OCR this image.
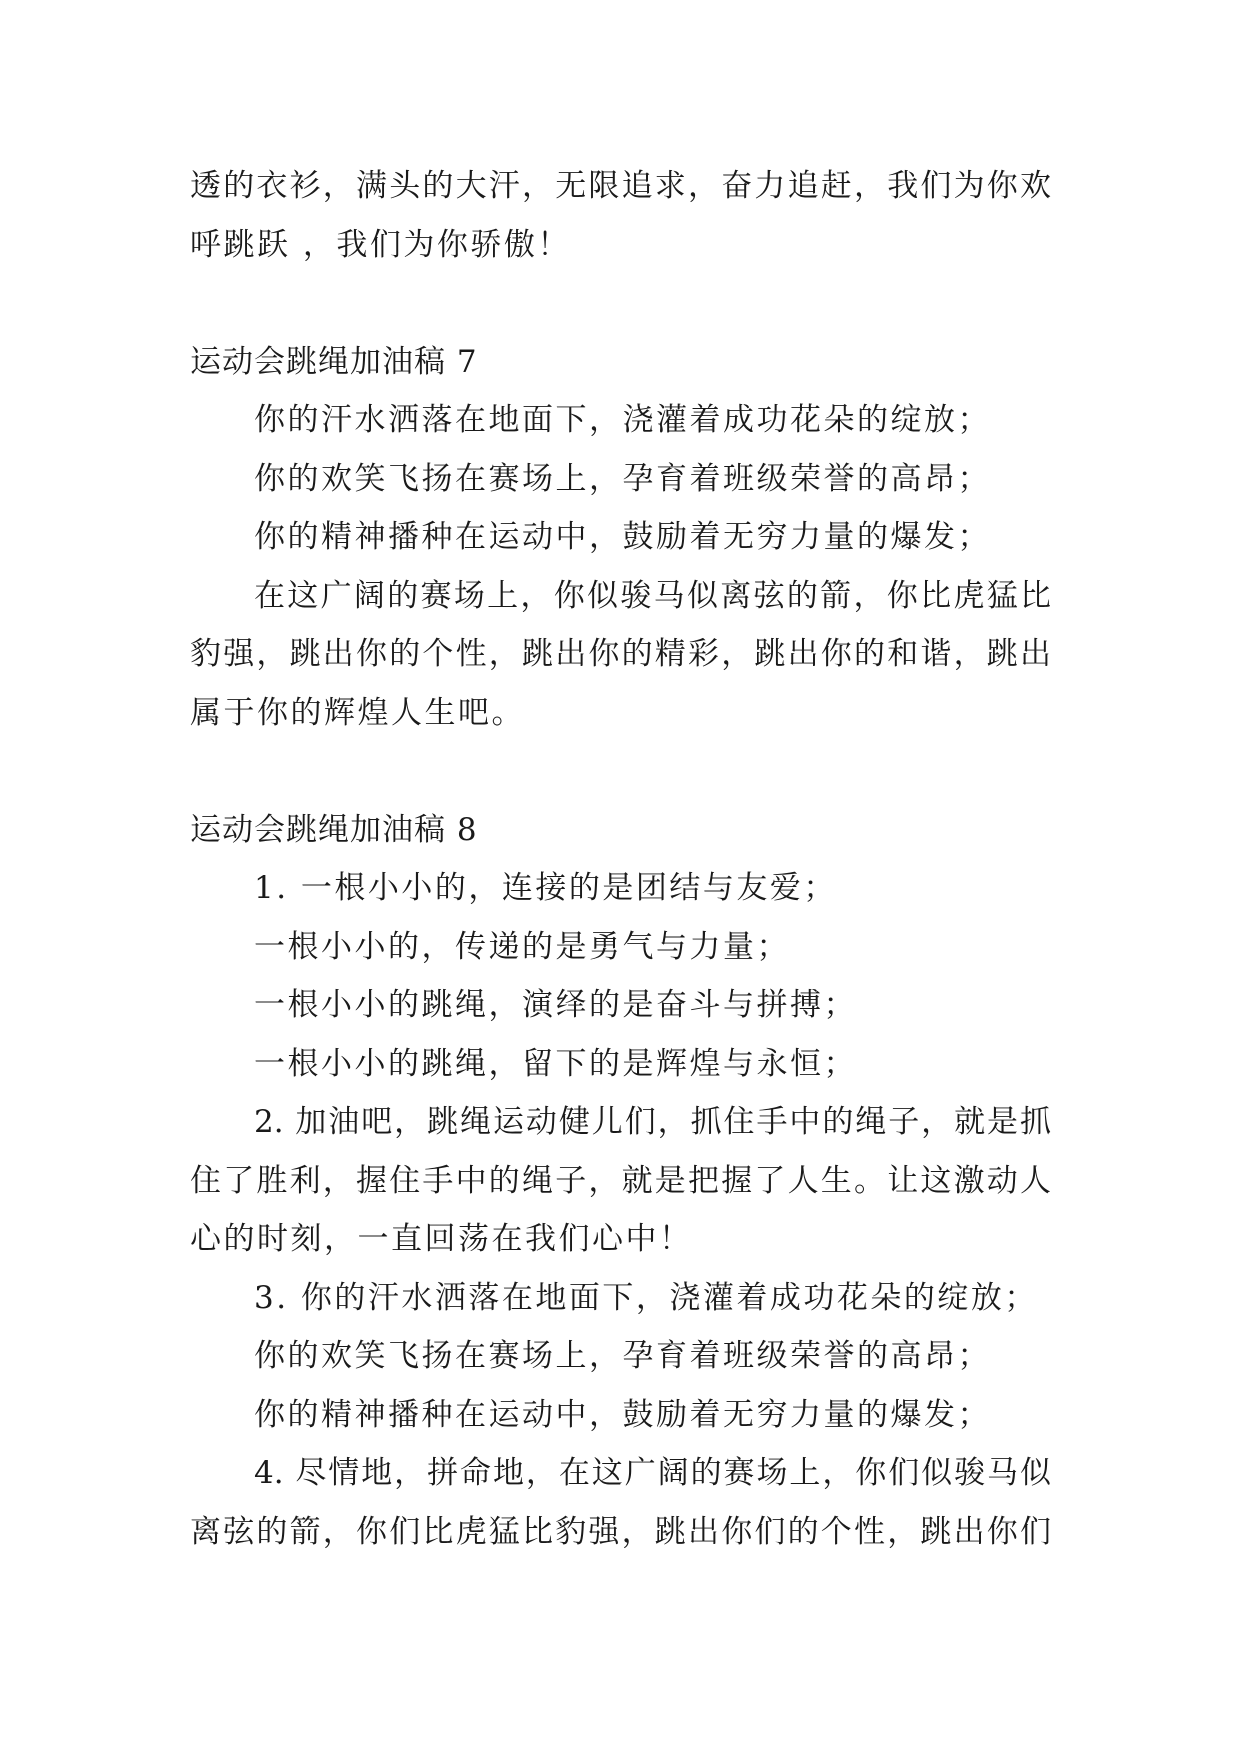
透的衣衫，满头的大汗，无限追求，奋力追赶，我们为你欢
呼跳跃 ，我们为你骄傲！
运动会跳绳加油稿 7
你的汗水洒落在地面下，浇灌着成功花朵的绽放；
你的欢笑飞扬在赛场上，孕育着班级荣誉的高昂；
你的精神播种在运动中，鼓励着无穷力量的爆发；
在这广阔的赛场上，你似骏马似离弦的箭，你比虎猛比
豹强，跳出你的个性，跳出你的精彩，跳出你的和谐，跳出
属于你的辉煌人生吧。
运动会跳绳加油稿 8
1. 一根小小的，连接的是团结与友爱；
一根小小的，传递的是勇气与力量；
一根小小的跳绳，演绎的是奋斗与拼搏；
一根小小的跳绳，留下的是辉煌与永恒；
2. 加油吧，跳绳运动健儿们，抓住手中的绳子，就是抓
住了胜利，握住手中的绳子，就是把握了人生。让这激动人
心的时刻，一直回荡在我们心中！
3. 你的汗水洒落在地面下，浇灌着成功花朵的绽放；
你的欢笑飞扬在赛场上，孕育着班级荣誉的高昂；
你的精神播种在运动中，鼓励着无穷力量的爆发；
4. 尽情地，拼命地，在这广阔的赛场上，你们似骏马似
离弦的箭，你们比虎猛比豹强，跳出你们的个性，跳出你们
